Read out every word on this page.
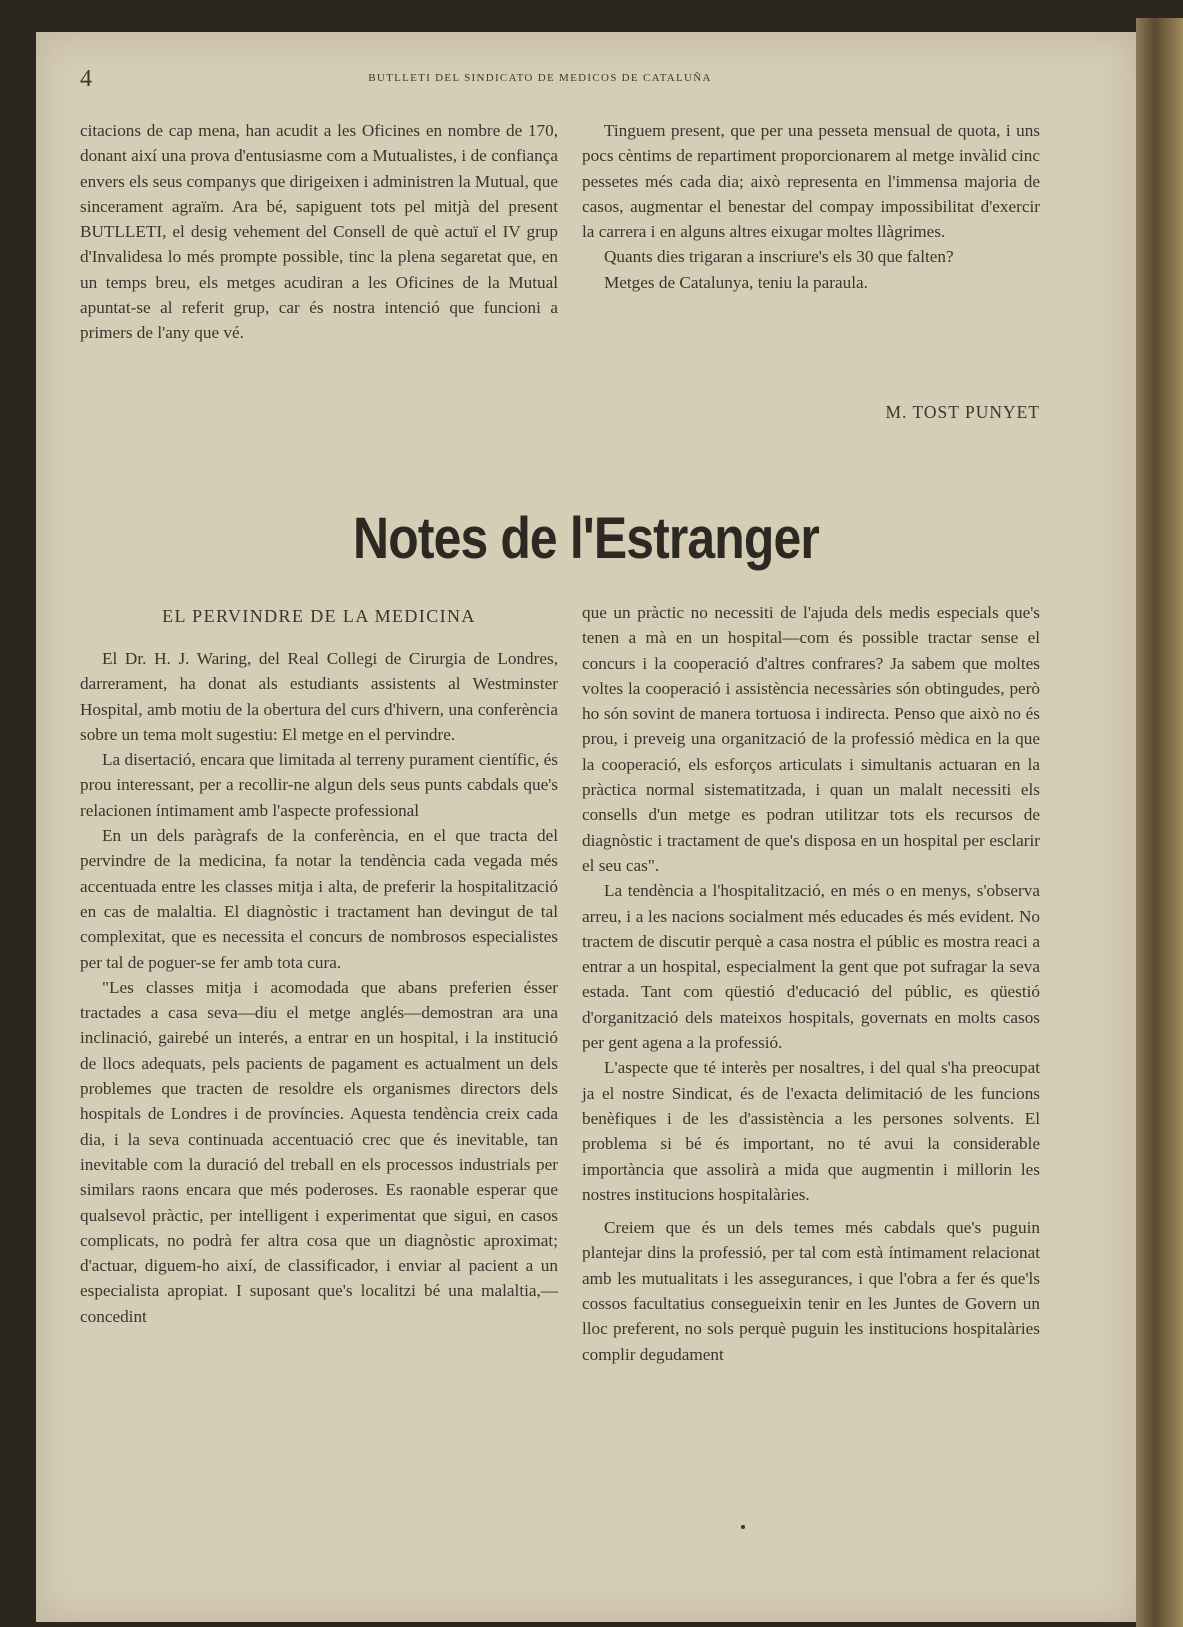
4	BUTLLETI DEL SINDICATO DE MEDICOS DE CATALUÑA

citacions de cap mena, han acudit a les Oficines en nombre de 170, donant així una prova d'entusiasme com a Mutualistes, i de confiança envers els seus companys que dirigeixen i administren la Mutual, que sincerament agraïm. Ara bé, sapiguent tots pel mitjà del present BUTLLETI, el desig vehement del Consell de què actuï el IV grup d'Invalidesa lo més prompte possible, tinc la plena segaretat que, en un temps breu, els metges acudiran a les Oficines de la Mutual apuntat-se al referit grup, car és nostra intenció que funcioni a primers de l'any que vé.

Tinguem present, que per una pesseta mensual de quota, i uns pocs cèntims de repartiment proporcionarem al metge invàlid cinc pessetes més cada dia; això representa en l'immensa majoria de casos, augmentar el benestar del compay impossibilitat d'exercir la carrera i en alguns altres eixugar moltes llàgrimes.

Quants dies trigaran a inscriure's els 30 que falten?

Metges de Catalunya, teniu la paraula.

M. TOST PUNYET
Notes de l'Estranger
EL PERVINDRE DE LA MEDICINA

El Dr. H. J. Waring, del Real Collegi de Cirurgia de Londres, darrerament, ha donat als estudiants assistents al Westminster Hospital, amb motiu de la obertura del curs d'hivern, una conferència sobre un tema molt sugestiu: El metge en el pervindre.

La disertació, encara que limitada al terreny purament científic, és prou interessant, per a recollir-ne algun dels seus punts cabdals que's relacionen íntimament amb l'aspecte professional

En un dels paràgrafs de la conferència, en el que tracta del pervindre de la medicina, fa notar la tendència cada vegada més accentuada entre les classes mitja i alta, de preferir la hospitalització en cas de malaltia. El diagnòstic i tractament han devingut de tal complexitat, que es necessita el concurs de nombrosos especialistes per tal de poguer-se fer amb tota cura.

"Les classes mitja i acomodada que abans preferien ésser tractades a casa seva—diu el metge anglés—demostran ara una inclinació, gairebé un interés, a entrar en un hospital, i la institució de llocs adequats, pels pacients de pagament es actualment un dels problemes que tracten de resoldre els organismes directors dels hospitals de Londres i de províncies. Aquesta tendència creix cada dia, i la seva continuada accentuació crec que és inevitable, tan inevitable com la duració del treball en els processos industrials per similars raons encara que més poderoses. Es raonable esperar que qualsevol pràctic, per intelligent i experimentat que sigui, en casos complicats, no podrà fer altra cosa que un diagnòstic aproximat; d'actuar, diguem-ho així, de classificador, i enviar al pacient a un especialista apropiat. I suposant que's localitzi bé una malaltia,—concedint

que un pràctic no necessiti de l'ajuda dels medis especials que's tenen a mà en un hospital—com és possible tractar sense el concurs i la cooperació d'altres confrares? Ja sabem que moltes voltes la cooperació i assistència necessàries són obtingudes, però ho són sovint de manera tortuosa i indirecta. Penso que això no és prou, i preveig una organització de la professió mèdica en la que la cooperació, els esforços articulats i simultanis actuaran en la pràctica normal sistematitzada, i quan un malalt necessiti els consells d'un metge es podran utilitzar tots els recursos de diagnòstic i tractament de que's disposa en un hospital per esclarir el seu cas".

La tendència a l'hospitalització, en més o en menys, s'observa arreu, i a les nacions socialment més educades és més evident. No tractem de discutir perquè a casa nostra el públic es mostra reaci a entrar a un hospital, especialment la gent que pot sufragar la seva estada. Tant com qüestió d'educació del públic, es qüestió d'organització dels mateixos hospitals, governats en molts casos per gent agena a la professió.

L'aspecte que té interès per nosaltres, i del qual s'ha preocupat ja el nostre Sindicat, és de l'exacta delimitació de les funcions benèfiques i de les d'assistència a les persones solvents. El problema si bé és important, no té avui la considerable importància que assolirà a mida que augmentin i millorin les nostres institucions hospitalàries.

Creiem que és un dels temes més cabdals que's puguin plantejar dins la professió, per tal com està íntimament relacionat amb les mutualitats i les assegurances, i que l'obra a fer és que'ls cossos facultatius consegueixin tenir en les Juntes de Govern un lloc preferent, no sols perquè puguin les institucions hospitalàries complir degudament
